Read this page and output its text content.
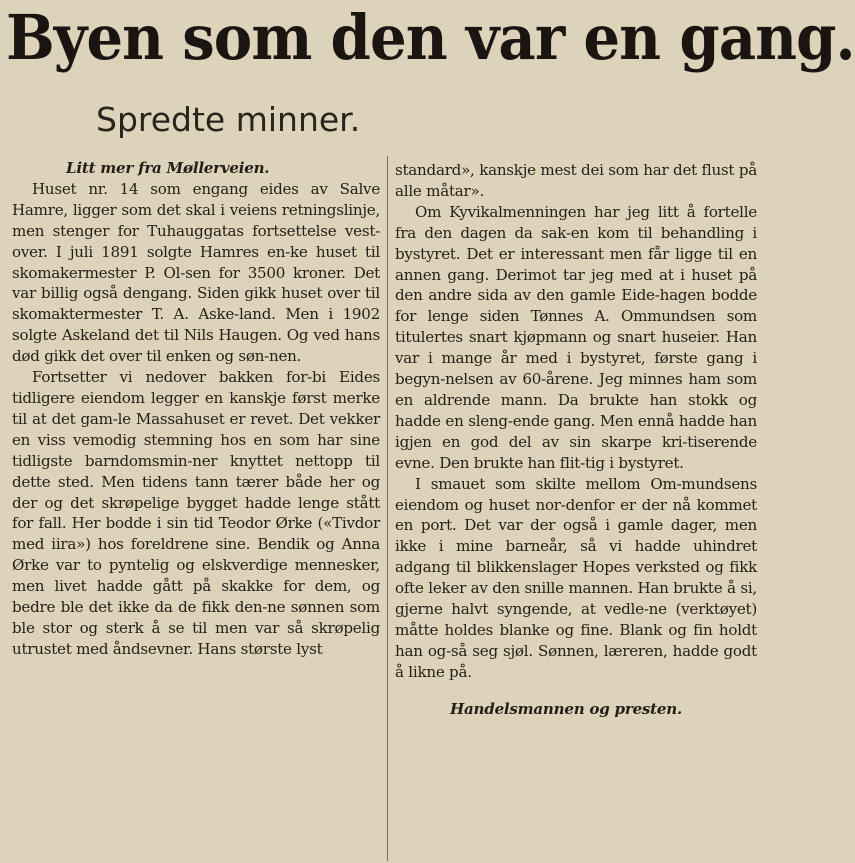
Byen som den var en gang.
Spredte minner.

Litt mer fra Møllerveien.

Huset nr. 14 som engang eides av Salve Hamre, ligger som det skal i veiens retningslinje, men stenger for Tuhauggatas fortsettelse vest-over. I juli 1891 solgte Hamres en-ke huset til skomakermester P. Ol-sen for 3500 kroner. Det var billig også dengang. Siden gikk huset over til skomaktermester T. A. Aske-land. Men i 1902 solgte Askeland det til Nils Haugen. Og ved hans død gikk det over til enken og søn-nen.

Fortsetter vi nedover bakken for-bi Eides tidligere eiendom legger en kanskje først merke til at det gam-le Massahuset er revet. Det vekker en viss vemodig stemning hos en som har sine tidligste barndomsmin-ner knyttet nettopp til dette sted. Men tidens tann tærer både her og der og det skrøpelige bygget hadde lenge stått for fall. Her bodde i sin tid Teodor Ørke («Tivdor med iira») hos foreldrene sine. Bendik og Anna Ørke var to pyntelig og elskverdige mennesker, men livet hadde gått på skakke for dem, og bedre ble det ikke da de fikk den-ne sønnen som ble stor og sterk å se til men var så skrøpelig utrustet med åndsevner. Hans største lyst

standard», kanskje mest dei som har det flust på alle måtar».

Om Kyvikalmenningen har jeg litt å fortelle fra den dagen da sak-en kom til behandling i bystyret. Det er interessant men får ligge til en annen gang. Derimot tar jeg med at i huset på den andre sida av den gamle Eide-hagen bodde for lenge siden Tønnes A. Ommundsen som titulertes snart kjøpmann og snart huseier. Han var i mange år med i bystyret, første gang i begyn-nelsen av 60-årene. Jeg minnes ham som en aldrende mann. Da brukte han stokk og hadde en sleng-ende gang. Men ennå hadde han igjen en god del av sin skarpe kri-tiserende evne. Den brukte han flit-tig i bystyret.

I smauet som skilte mellom Om-mundsens eiendom og huset nor-denfor er der nå kommet en port. Det var der også i gamle dager, men ikke i mine barneår, så vi hadde uhindret adgang til blikkenslager Hopes verksted og fikk ofte leker av den snille mannen. Han brukte å si, gjerne halvt syngende, at vedle-ne (verktøyet) måtte holdes blanke og fine. Blank og fin holdt han og-så seg sjøl. Sønnen, læreren, hadde godt å likne på.

Handelsmannen og presten.
